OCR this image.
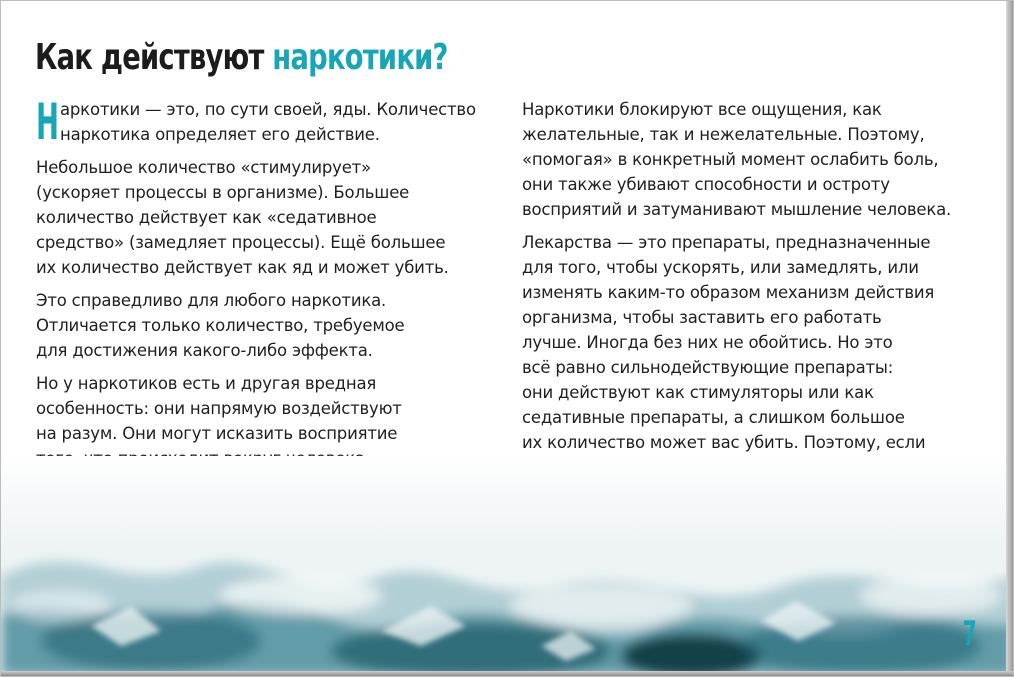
Как действуют наркотики?

Н аркотики — это, по сути своей, яды. Количество
наркотика определяет его действие.

Небольшое количество «стимулирует»
(ускоряет процессы в организме). Большее
количество действует как «седативное
средство» (замедляет процессы). Ещё большее
их количество действует как яд и может убить.

Это справедливо для любого наркотика.
Отличается только количество, требуемое
для достижения какого-либо эффекта.

Но у наркотиков есть и другая вредная
особенность: они напрямую воздействуют
на разум. Они могут исказить восприятие

Наркотики блокируют все ощущения, как
желательные, так и нежелательные. Поэтому,
«помогая» в конкретный момент ослабить боль,
они также убивают способности и остроту
восприятий и затуманивают мышление человека.

Лекарства — это препараты, предназначенные
для того, чтобы ускорять, или замедлять, или
изменять каким-то образом механизм действия
организма, чтобы заставить его работать
лучше. Иногда без них не обойтись. Но это
всё равно сильнодействующие препараты:
они действуют как стимуляторы или как
седативные препараты, а слишком большое
их количество может вас убить. Поэтому, если

7
